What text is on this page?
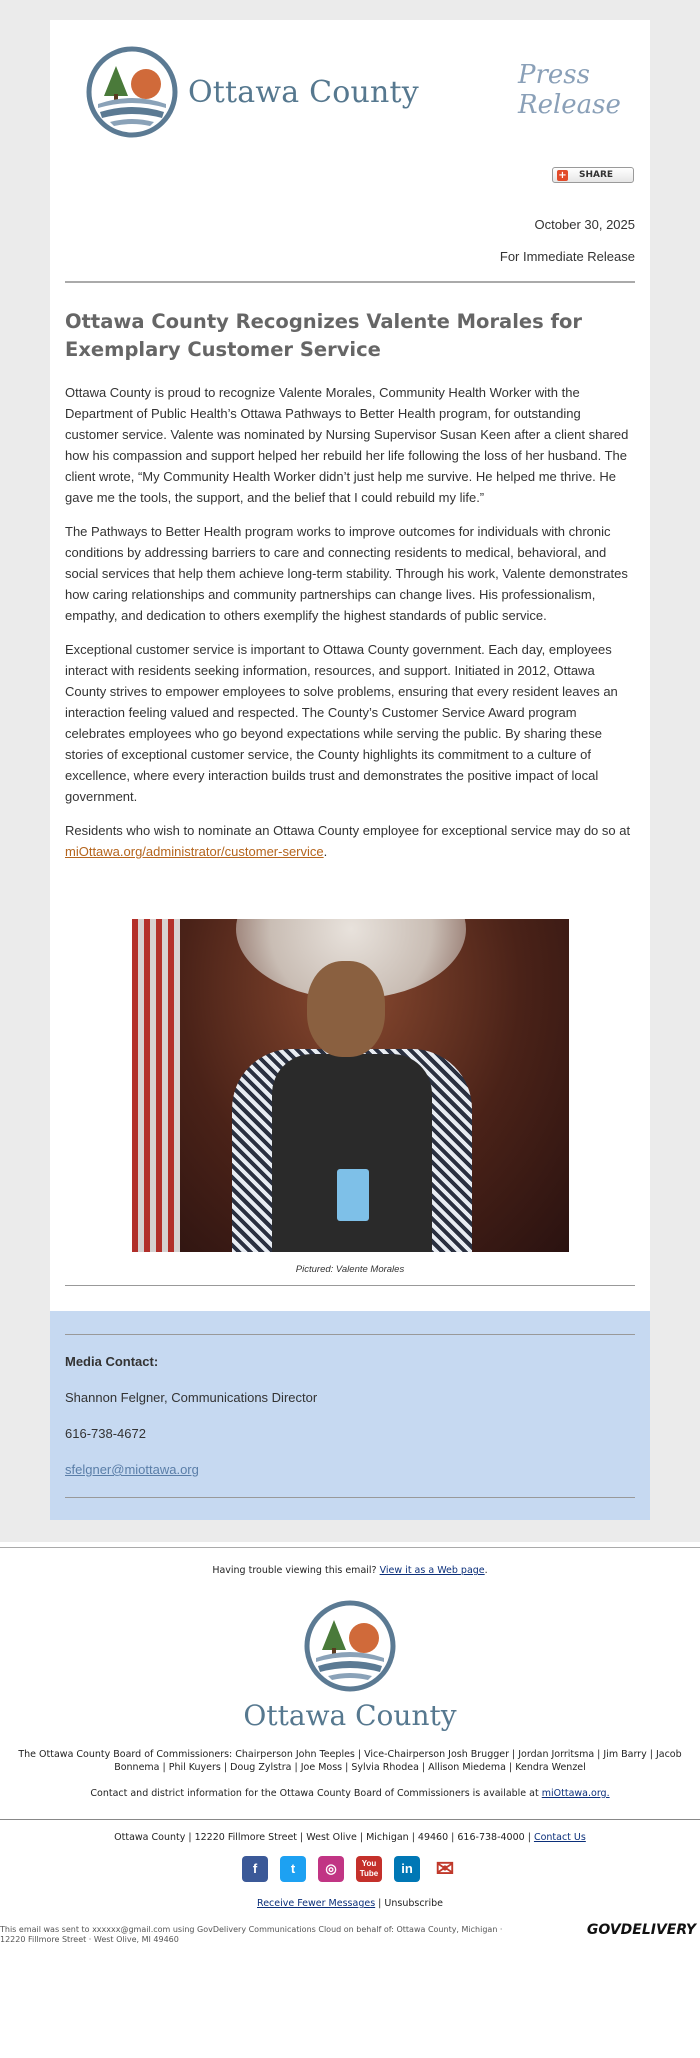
Ottawa County	Press
Release
+ SHARE

October 30, 2025

For Immediate Release

Ottawa County Recognizes Valente Morales for Exemplary Customer Service

Ottawa County is proud to recognize Valente Morales, Community Health Worker with the Department of Public Health’s Ottawa Pathways to Better Health program, for outstanding customer service. Valente was nominated by Nursing Supervisor Susan Keen after a client shared how his compassion and support helped her rebuild her life following the loss of her husband. The client wrote, “My Community Health Worker didn’t just help me survive. He helped me thrive. He gave me the tools, the support, and the belief that I could rebuild my life.”

The Pathways to Better Health program works to improve outcomes for individuals with chronic conditions by addressing barriers to care and connecting residents to medical, behavioral, and social services that help them achieve long-term stability. Through his work, Valente demonstrates how caring relationships and community partnerships can change lives. His professionalism, empathy, and dedication to others exemplify the highest standards of public service.

Exceptional customer service is important to Ottawa County government. Each day, employees interact with residents seeking information, resources, and support. Initiated in 2012, Ottawa County strives to empower employees to solve problems, ensuring that every resident leaves an interaction feeling valued and respected. The County’s Customer Service Award program celebrates employees who go beyond expectations while serving the public. By sharing these stories of exceptional customer service, the County highlights its commitment to a culture of excellence, where every interaction builds trust and demonstrates the positive impact of local government.

Residents who wish to nominate an Ottawa County employee for exceptional service may do so at miOttawa.org/administrator/customer-service.

Pictured: Valente Morales

Media Contact:

Shannon Felgner, Communications Director

616-738-4672

sfelgner@miottawa.org

Having trouble viewing this email? View it as a Web page.
Ottawa County
The Ottawa County Board of Commissioners: Chairperson John Teeples | Vice-Chairperson Josh Brugger | Jordan Jorritsma | Jim Barry | Jacob Bonnema | Phil Kuyers | Doug Zylstra | Joe Moss | Sylvia Rhodea | Allison Miedema | Kendra Wenzel
Contact and district information for the Ottawa County Board of Commissioners is available at miOttawa.org.
Ottawa County | 12220 Fillmore Street | West Olive | Michigan | 49460 | 616-738-4000 | Contact Us
f	t	◎	You Tube	in	✉
Receive Fewer Messages | Unsubscribe
This email was sent to xxxxxx@gmail.com using GovDelivery Communications Cloud on behalf of: Ottawa County, Michigan ·
12220 Fillmore Street · West Olive, MI 49460
GOVDELIVERY
